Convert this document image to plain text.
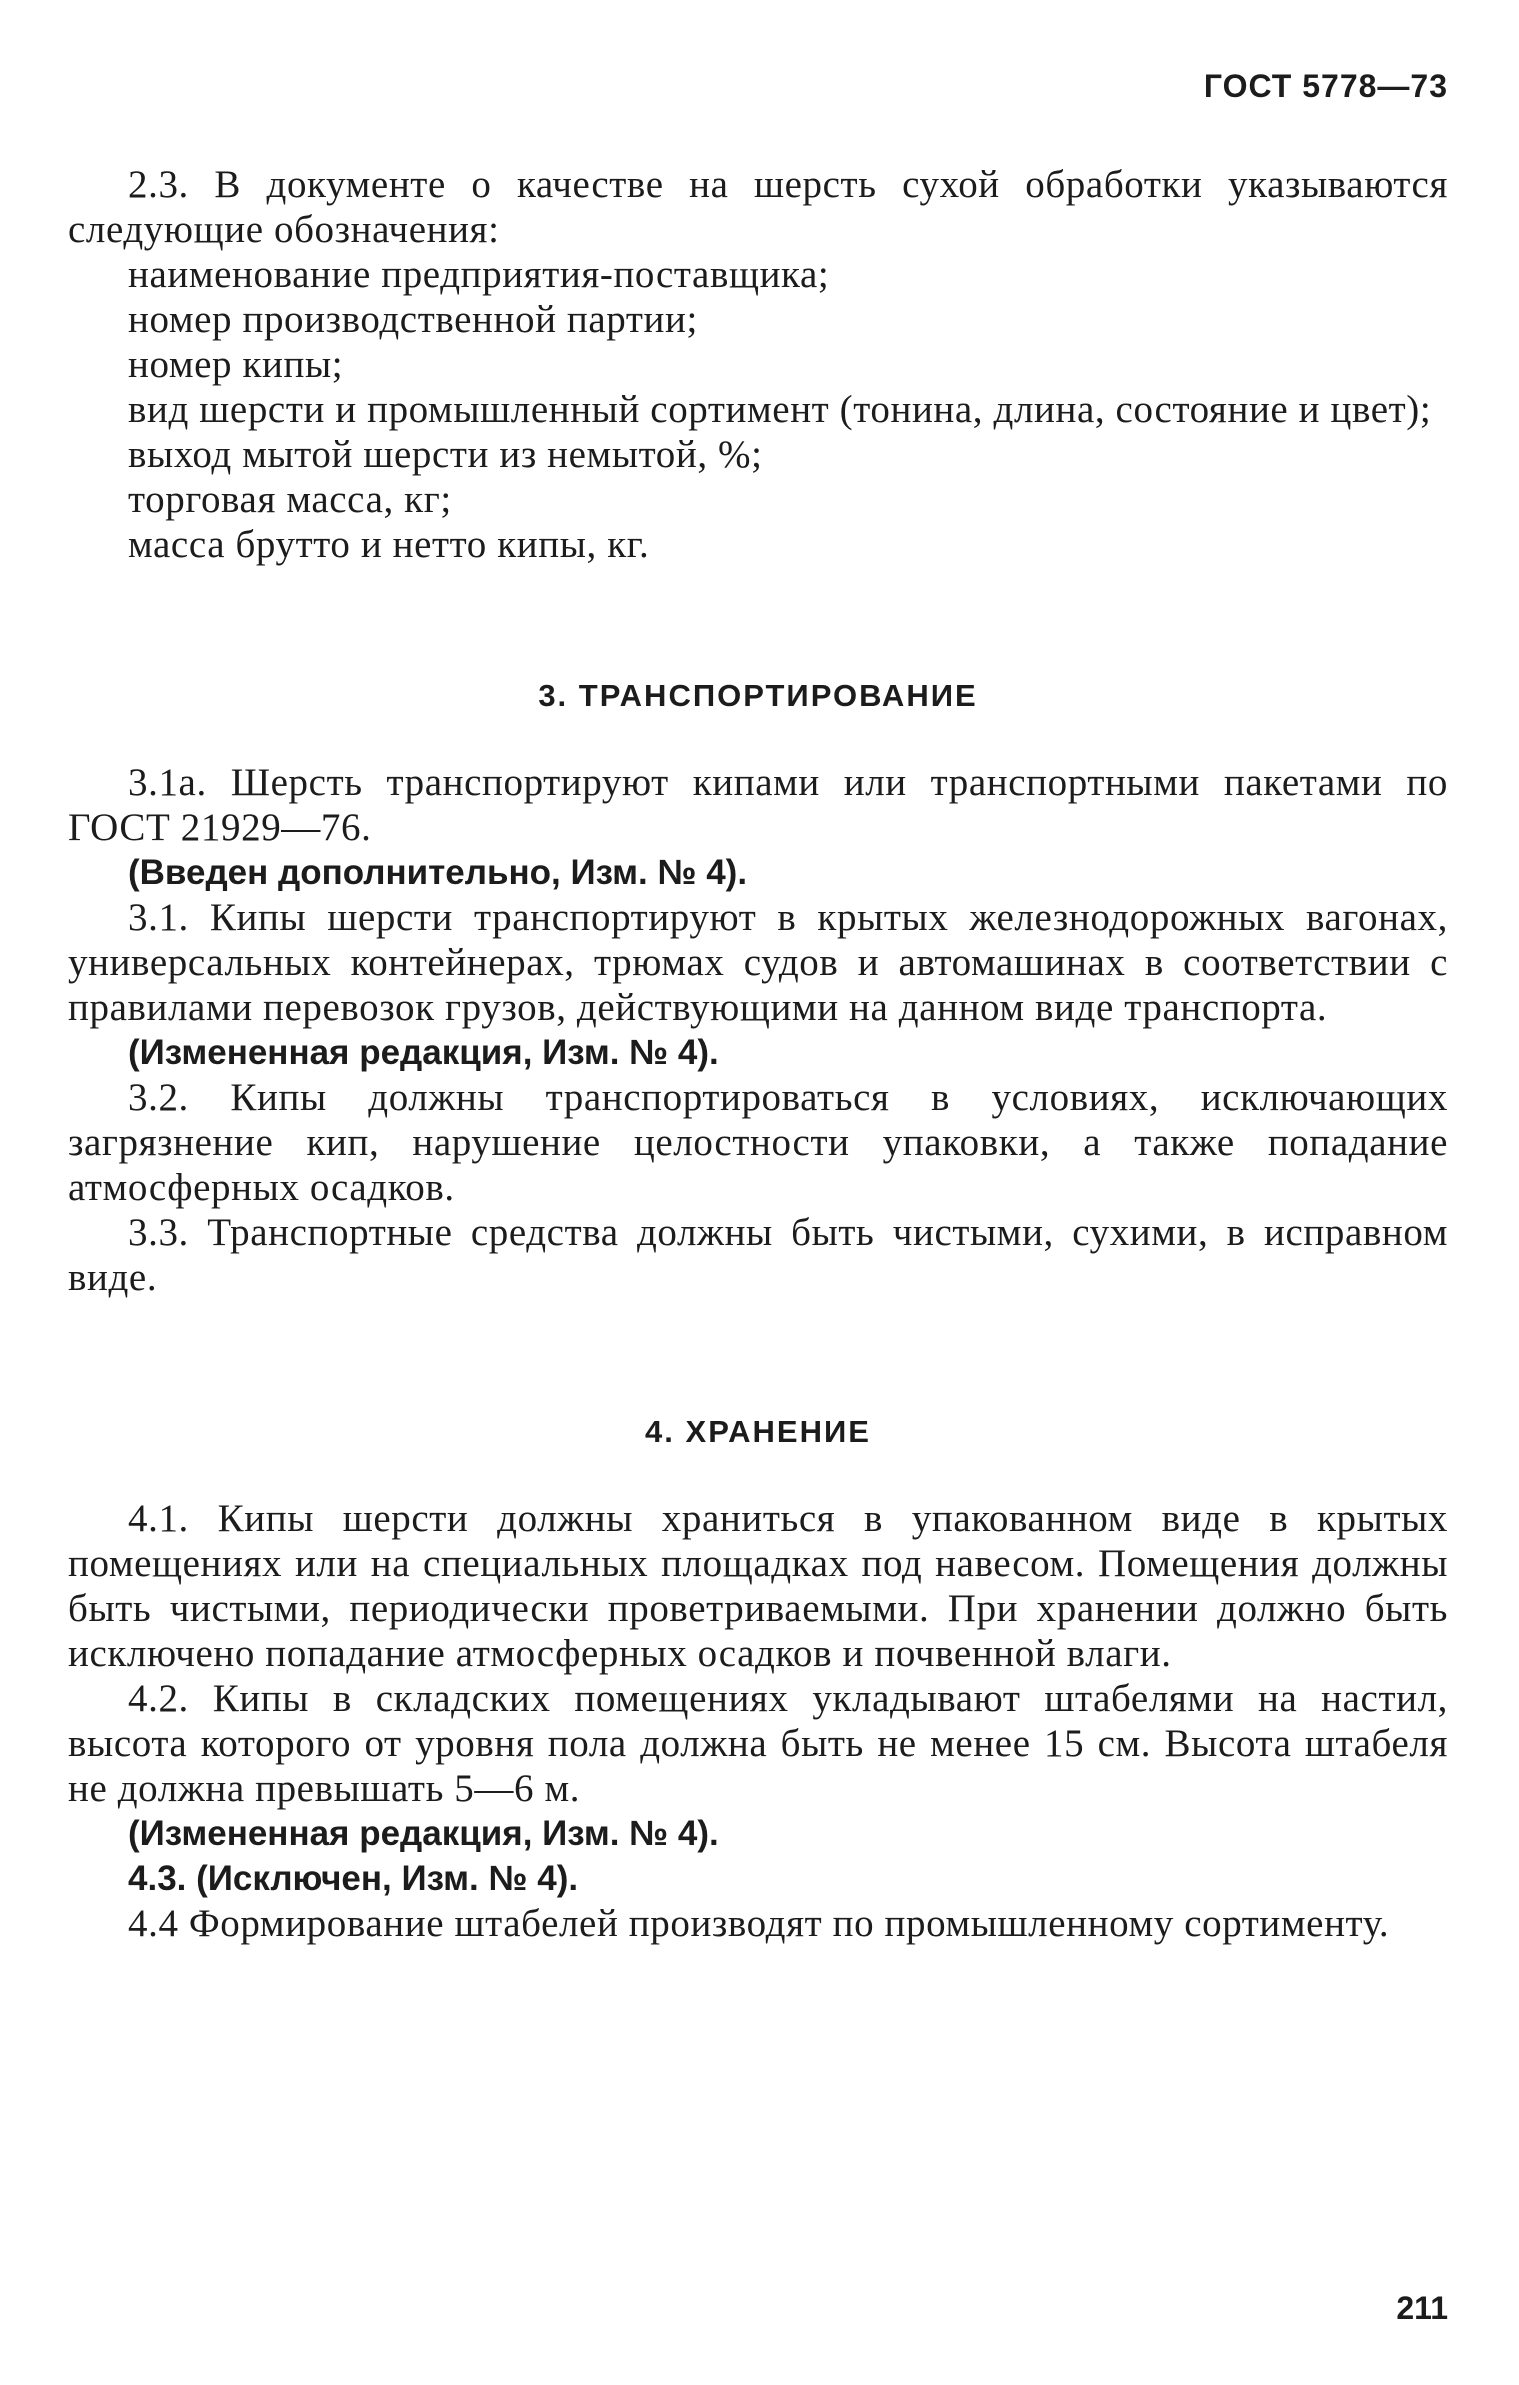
ГОСТ 5778—73

2.3. В документе о качестве на шерсть сухой обработки указываются следующие обозначения:

наименование предприятия-поставщика;

номер производственной партии;

номер кипы;

вид шерсти и промышленный сортимент (тонина, длина, состояние и цвет);

выход мытой шерсти из немытой, %;

торговая масса, кг;

масса брутто и нетто кипы, кг.

3. ТРАНСПОРТИРОВАНИЕ

3.1а. Шерсть транспортируют кипами или транспортными пакетами по ГОСТ 21929—76.

(Введен дополнительно, Изм. № 4).

3.1. Кипы шерсти транспортируют в крытых железнодорожных вагонах, универсальных контейнерах, трюмах судов и автомашинах в соответствии с правилами перевозок грузов, действующими на данном виде транспорта.

(Измененная редакция, Изм. № 4).

3.2. Кипы должны транспортироваться в условиях, исключающих загрязнение кип, нарушение целостности упаковки, а также попадание атмосферных осадков.

3.3. Транспортные средства должны быть чистыми, сухими, в исправном виде.

4. ХРАНЕНИЕ

4.1. Кипы шерсти должны храниться в упакованном виде в крытых помещениях или на специальных площадках под навесом. Помещения должны быть чистыми, периодически проветриваемыми. При хранении должно быть исключено попадание атмосферных осадков и почвенной влаги.

4.2. Кипы в складских помещениях укладывают штабелями на настил, высота которого от уровня пола должна быть не менее 15 см. Высота штабеля не должна превышать 5—6 м.

(Измененная редакция, Изм. № 4).

4.3. (Исключен, Изм. № 4).

4.4 Формирование штабелей производят по промышленному сортименту.

211
